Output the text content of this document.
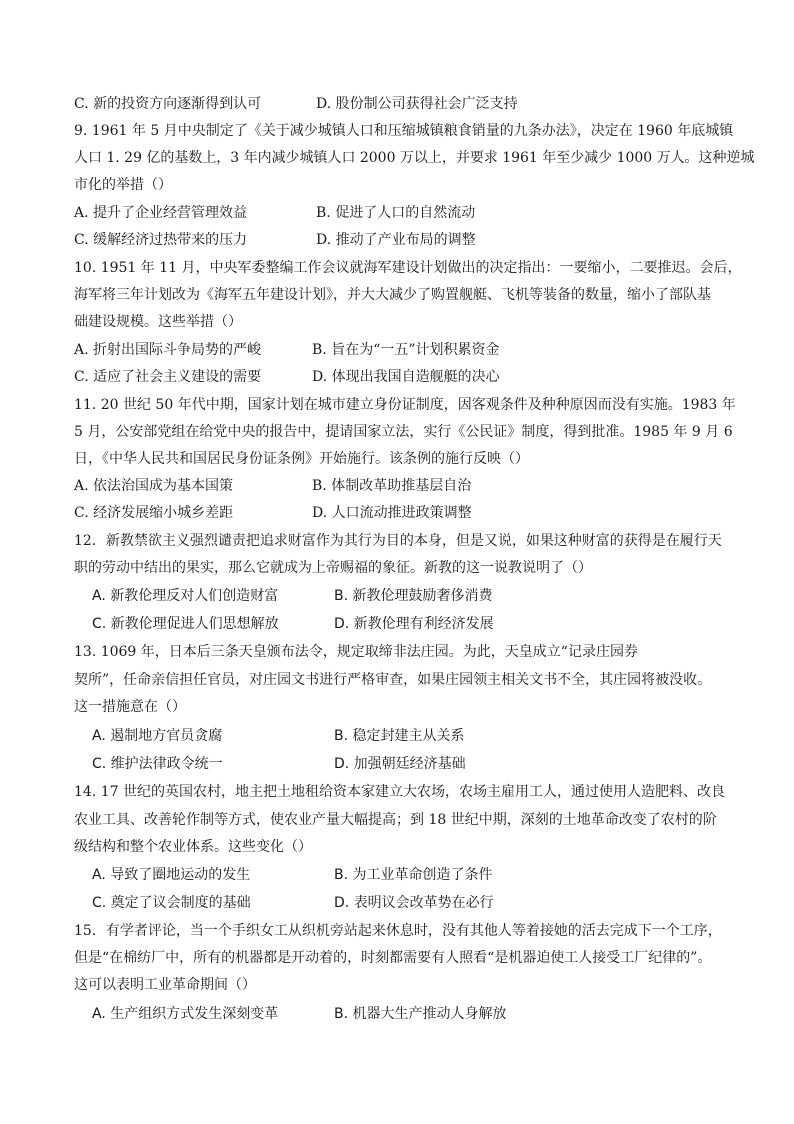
C. 新的投资方向逐渐得到认可	D. 股份制公司获得社会广泛支持
9. 1961 年 5 月中央制定了《关于减少城镇人口和压缩城镇粮食销量的九条办法》，决定在 1960 年底城镇
人口 1. 29 亿的基数上，3 年内减少城镇人口 2000 万以上，并要求 1961 年至少减少 1000 万人。这种逆城
市化的举措（）
A. 提升了企业经营管理效益	B. 促进了人口的自然流动
C. 缓解经济过热带来的压力	D. 推动了产业布局的调整
10. 1951 年 11 月，中央军委整编工作会议就海军建设计划做出的决定指出：一要缩小，二要推迟。会后，
海军将三年计划改为《海军五年建设计划》，并大大减少了购置舰艇、飞机等装备的数量，缩小了部队基
础建设规模。这些举措（）
A. 折射出国际斗争局势的严峻	B. 旨在为“一五”计划积累资金
C. 适应了社会主义建设的需要	D. 体现出我国自造舰艇的决心
11. 20 世纪 50 年代中期，国家计划在城市建立身份证制度，因客观条件及种种原因而没有实施。1983 年
5 月，公安部党组在给党中央的报告中，提请国家立法，实行《公民证》制度，得到批准。1985 年 9 月 6
日，《中华人民共和国居民身份证条例》开始施行。该条例的施行反映（）
A. 依法治国成为基本国策	B. 体制改革助推基层自治
C. 经济发展缩小城乡差距	D. 人口流动推进政策调整
12．新教禁欲主义强烈谴责把追求财富作为其行为目的本身，但是又说，如果这种财富的获得是在履行天
职的劳动中结出的果实，那么它就成为上帝赐福的象征。新教的这一说教说明了（）
A. 新教伦理反对人们创造财富	B. 新教伦理鼓励奢侈消费
C. 新教伦理促进人们思想解放	D. 新教伦理有利经济发展
13. 1069 年，日本后三条天皇颁布法令，规定取缔非法庄园。为此，天皇成立“记录庄园券
契所”，任命亲信担任官员，对庄园文书进行严格审查，如果庄园领主相关文书不全，其庄园将被没收。
这一措施意在（）
A. 遏制地方官员贪腐	B. 稳定封建主从关系
C. 维护法律政令统一	D. 加强朝廷经济基础
14. 17 世纪的英国农村，地主把土地租给资本家建立大农场，农场主雇用工人，通过使用人造肥料、改良
农业工具、改善轮作制等方式，使农业产量大幅提高；到 18 世纪中期，深刻的土地革命改变了农村的阶
级结构和整个农业体系。这些变化（）
A. 导致了圈地运动的发生	B. 为工业革命创造了条件
C. 奠定了议会制度的基础	D. 表明议会改革势在必行
15．有学者评论，当一个手织女工从织机旁站起来休息时，没有其他人等着接她的活去完成下一个工序，
但是“在棉纺厂中，所有的机器都是开动着的，时刻都需要有人照看“是机器迫使工人接受工厂纪律的”。
这可以表明工业革命期间（）
A. 生产组织方式发生深刻变革	B. 机器大生产推动人身解放
